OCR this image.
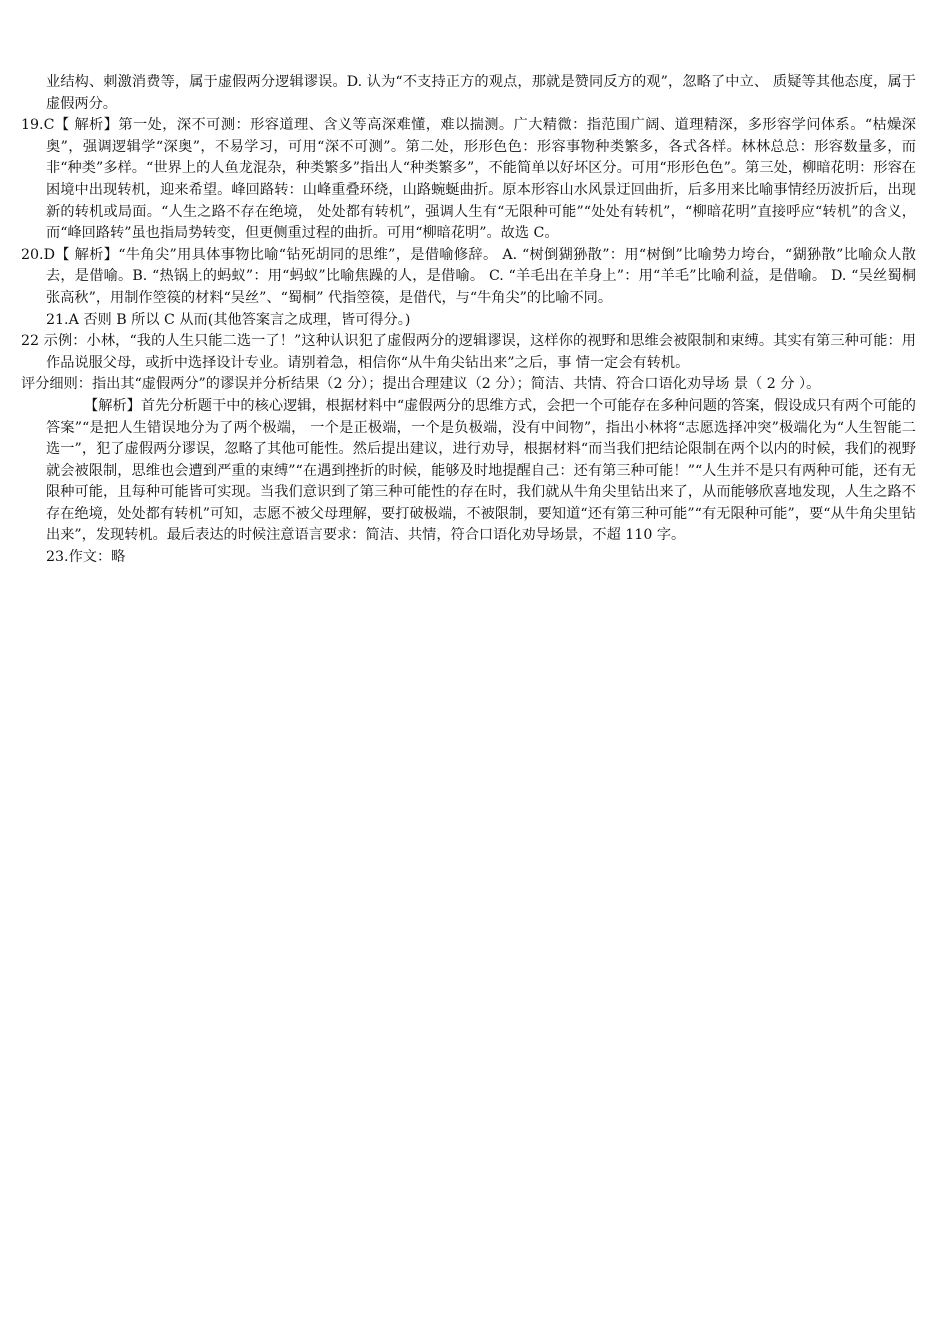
业结构、刺激消费等，属于虚假两分逻辑谬误。D. 认为“不支持正方的观点，那就是赞同反方的观”，忽略了中立、 质疑等其他态度，属于虚假两分。

19.C【 解析】第一处，深不可测：形容道理、含义等高深难懂，难以揣测。广大精微：指范围广阔、道理精深，多形容学问体系。“枯燥深奥”，强调逻辑学“深奥”，不易学习，可用“深不可测”。第二处，形形色色：形容事物种类繁多，各式各样。林林总总：形容数量多，而非“种类”多样。“世界上的人鱼龙混杂，种类繁多”指出人“种类繁多”，不能简单以好坏区分。可用“形形色色”。第三处，柳暗花明：形容在困境中出现转机，迎来希望。峰回路转：山峰重叠环绕，山路蜿蜒曲折。原本形容山水风景迂回曲折，后多用来比喻事情经历波折后，出现新的转机或局面。“人生之路不存在绝境， 处处都有转机”，强调人生有“无限种可能”“处处有转机”，“柳暗花明”直接呼应“转机”的含义，而“峰回路转”虽也指局势转变，但更侧重过程的曲折。可用“柳暗花明”。故选 C。

20.D【 解析】“牛角尖”用具体事物比喻“钻死胡同的思维”，是借喻修辞。 A. “树倒猢狲散”：用“树倒”比喻势力垮台，“猢狲散”比喻众人散去，是借喻。B. “热锅上的蚂蚁”：用“蚂蚁”比喻焦躁的人，是借喻。 C. “羊毛出在羊身上”：用“羊毛”比喻利益，是借喻。 D. “吴丝蜀桐张高秋”，用制作箜篌的材料“吴丝”、“蜀桐” 代指箜篌，是借代，与“牛角尖”的比喻不同。

21.A 否则 B 所以 C 从而(其他答案言之成理，皆可得分。)

22 示例：小林，“我的人生只能二选一了！”这种认识犯了虚假两分的逻辑谬误，这样你的视野和思维会被限制和束缚。其实有第三种可能：用作品说服父母，或折中选择设计专业。请别着急，相信你“从牛角尖钻出来”之后，事 情一定会有转机。

评分细则：指出其“虚假两分”的谬误并分析结果（2 分）；提出合理建议（2 分）；简洁、共情、符合口语化劝导场 景（ 2 分 ）。

【解析】首先分析题干中的核心逻辑，根据材料中“虚假两分的思维方式，会把一个可能存在多种问题的答案，假设成只有两个可能的答案”“是把人生错误地分为了两个极端， 一个是正极端，一个是负极端，没有中间物”，指出小林将“志愿选择冲突”极端化为“人生智能二选一”，犯了虚假两分谬误，忽略了其他可能性。然后提出建议，进行劝导，根据材料“而当我们把结论限制在两个以内的时候，我们的视野就会被限制，思维也会遭到严重的束缚”“在遇到挫折的时候，能够及时地提醒自己：还有第三种可能！”“人生并不是只有两种可能，还有无限种可能，且每种可能皆可实现。当我们意识到了第三种可能性的存在时，我们就从牛角尖里钻出来了，从而能够欣喜地发现，人生之路不存在绝境，处处都有转机”可知，志愿不被父母理解，要打破极端，不被限制，要知道“还有第三种可能”“有无限种可能”，要“从牛角尖里钻出来”，发现转机。最后表达的时候注意语言要求：简洁、共情，符合口语化劝导场景，不超 110 字。

23.作文：略
